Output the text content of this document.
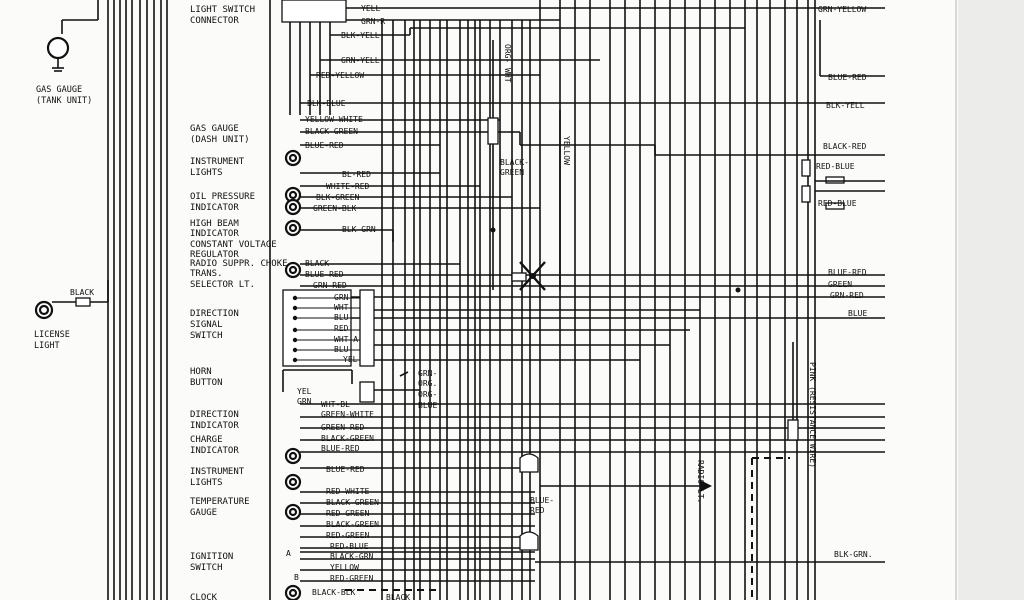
GAS GAUGE
(TANK UNIT)
LICENSE
LIGHT
BLACK
LIGHT SWITCH
CONNECTOR
GAS GAUGE
(DASH UNIT)
INSTRUMENT
LIGHTS
OIL PRESSURE
INDICATOR
HIGH BEAM
INDICATOR
CONSTANT VOLTAGE
REGULATOR
RADIO SUPPR. CHOKE
TRANS.
SELECTOR LT.
DIRECTION
SIGNAL
SWITCH
HORN
BUTTON
DIRECTION
INDICATOR
CHARGE
INDICATOR
INSTRUMENT
LIGHTS
TEMPERATURE
GAUGE
IGNITION
SWITCH
CLOCK
YELL
GRN-R
BLK-YELL
GRN-YELL
RED-YELLOW
BLK-BLUE
YELLOW-WHITE
BLACK-GREEN
BLUE-RED
BL-RED
WHITE-RED
BLK-GREEN
GREEN-BLK
BLK-GRN
BLACK
BLUE-RED
GRN-RED
GRN-
WHT-
BLU
RED
WHT-A
BLU
YEL
YEL
GRN
GRN-
ORG.
ORG-
BLUE
WHT-BL
GREEN-WHITE
GREEN-RED
BLACK-GREEN
BLUE-RED
BLUE-RED
RED-WHITE
BLACK-GREEN
RED-GREEN
BLACK-GREEN
RED-GREEN
RED-BLUE
BLACK-GRN
YELLOW
RED-GREEN
BLACK-BLK
BLACK
A
B
ORG- WHT
YELLOW
PINK (RESISTANCE WIRE)
RADIO LT.
BLACK-
GREEN
BLUE-
RED
GRN-YELLOW
BLUE-RED
BLK-YELL
BLACK-RED
RED-BLUE
RED-BLUE
BLUE-RED
GREEN
GRN-RED
BLUE
BLK-GRN.
